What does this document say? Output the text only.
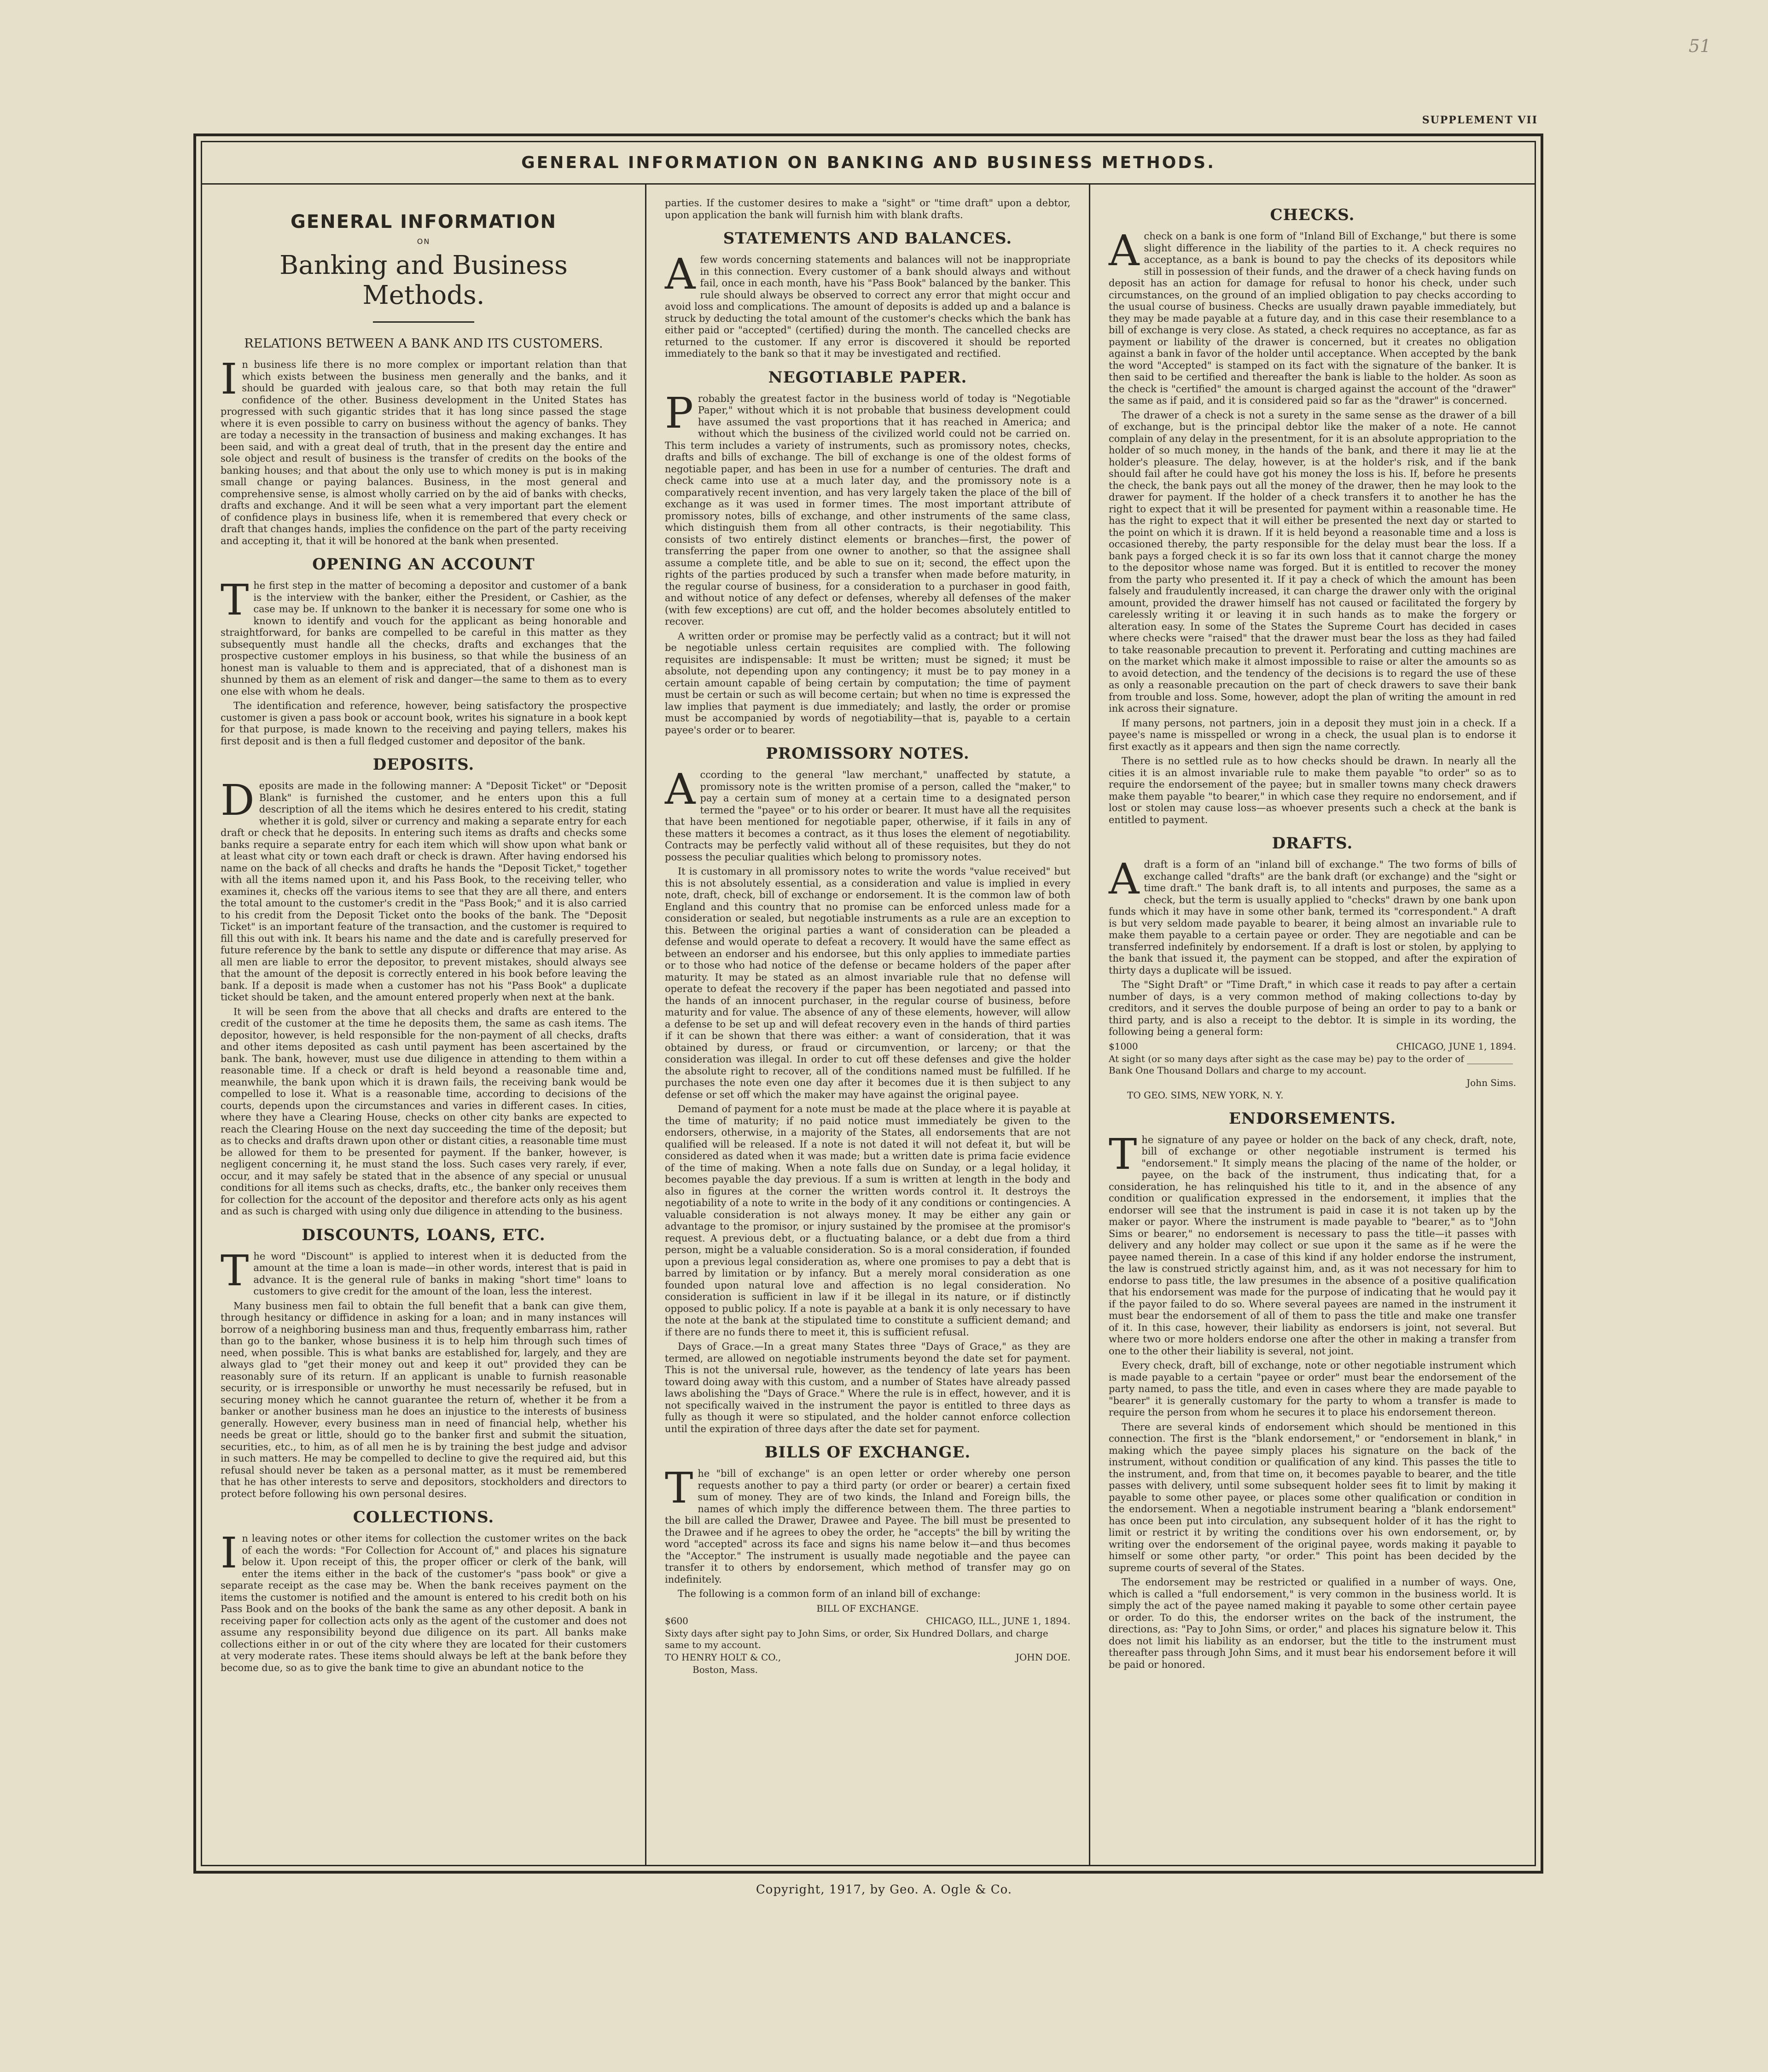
51
SUPPLEMENT VII
GENERAL INFORMATION ON BANKING AND BUSINESS METHODS.
GENERAL INFORMATION
ON
Banking and Business Methods.
RELATIONS BETWEEN A BANK AND ITS CUSTOMERS.

In business life there is no more complex or important relation than that which exists between the business men generally and the banks, and it should be guarded with jealous care, so that both may retain the full confidence of the other. Business development in the United States has progressed with such gigantic strides that it has long since passed the stage where it is even possible to carry on business without the agency of banks. They are today a necessity in the transaction of business and making exchanges. It has been said, and with a great deal of truth, that in the present day the entire and sole object and result of business is the transfer of credits on the books of the banking houses; and that about the only use to which money is put is in making small change or paying balances. Business, in the most general and comprehensive sense, is almost wholly carried on by the aid of banks with checks, drafts and exchange. And it will be seen what a very important part the element of confidence plays in business life, when it is remembered that every check or draft that changes hands, implies the confidence on the part of the party receiving and accepting it, that it will be honored at the bank when presented.

OPENING AN ACCOUNT

The first step in the matter of becoming a depositor and customer of a bank is the interview with the banker, either the President, or Cashier, as the case may be. If unknown to the banker it is necessary for some one who is known to identify and vouch for the applicant as being honorable and straightforward, for banks are compelled to be careful in this matter as they subsequently must handle all the checks, drafts and exchanges that the prospective customer employs in his business, so that while the business of an honest man is valuable to them and is appreciated, that of a dishonest man is shunned by them as an element of risk and danger—the same to them as to every one else with whom he deals.

The identification and reference, however, being satisfactory the prospective customer is given a pass book or account book, writes his signature in a book kept for that purpose, is made known to the receiving and paying tellers, makes his first deposit and is then a full fledged customer and depositor of the bank.

DEPOSITS.

Deposits are made in the following manner: A "Deposit Ticket" or "Deposit Blank" is furnished the customer, and he enters upon this a full description of all the items which he desires entered to his credit, stating whether it is gold, silver or currency and making a separate entry for each draft or check that he deposits. In entering such items as drafts and checks some banks require a separate entry for each item which will show upon what bank or at least what city or town each draft or check is drawn. After having endorsed his name on the back of all checks and drafts he hands the "Deposit Ticket," together with all the items named upon it, and his Pass Book, to the receiving teller, who examines it, checks off the various items to see that they are all there, and enters the total amount to the customer's credit in the "Pass Book;" and it is also carried to his credit from the Deposit Ticket onto the books of the bank. The "Deposit Ticket" is an important feature of the transaction, and the customer is required to fill this out with ink. It bears his name and the date and is carefully preserved for future reference by the bank to settle any dispute or difference that may arise. As all men are liable to error the depositor, to prevent mistakes, should always see that the amount of the deposit is correctly entered in his book before leaving the bank. If a deposit is made when a customer has not his "Pass Book" a duplicate ticket should be taken, and the amount entered properly when next at the bank.

It will be seen from the above that all checks and drafts are entered to the credit of the customer at the time he deposits them, the same as cash items. The depositor, however, is held responsible for the non-payment of all checks, drafts and other items deposited as cash until payment has been ascertained by the bank. The bank, however, must use due diligence in attending to them within a reasonable time. If a check or draft is held beyond a reasonable time and, meanwhile, the bank upon which it is drawn fails, the receiving bank would be compelled to lose it. What is a reasonable time, according to decisions of the courts, depends upon the circumstances and varies in different cases. In cities, where they have a Clearing House, checks on other city banks are expected to reach the Clearing House on the next day succeeding the time of the deposit; but as to checks and drafts drawn upon other or distant cities, a reasonable time must be allowed for them to be presented for payment. If the banker, however, is negligent concerning it, he must stand the loss. Such cases very rarely, if ever, occur, and it may safely be stated that in the absence of any special or unusual conditions for all items such as checks, drafts, etc., the banker only receives them for collection for the account of the depositor and therefore acts only as his agent and as such is charged with using only due diligence in attending to the business.

DISCOUNTS, LOANS, ETC.

The word "Discount" is applied to interest when it is deducted from the amount at the time a loan is made—in other words, interest that is paid in advance. It is the general rule of banks in making "short time" loans to customers to give credit for the amount of the loan, less the interest.

Many business men fail to obtain the full benefit that a bank can give them, through hesitancy or diffidence in asking for a loan; and in many instances will borrow of a neighboring business man and thus, frequently embarrass him, rather than go to the banker, whose business it is to help him through such times of need, when possible. This is what banks are established for, largely, and they are always glad to "get their money out and keep it out" provided they can be reasonably sure of its return. If an applicant is unable to furnish reasonable security, or is irresponsible or unworthy he must necessarily be refused, but in securing money which he cannot guarantee the return of, whether it be from a banker or another business man he does an injustice to the interests of business generally. However, every business man in need of financial help, whether his needs be great or little, should go to the banker first and submit the situation, securities, etc., to him, as of all men he is by training the best judge and advisor in such matters. He may be compelled to decline to give the required aid, but this refusal should never be taken as a personal matter, as it must be remembered that he has other interests to serve and depositors, stockholders and directors to protect before following his own personal desires.

COLLECTIONS.

In leaving notes or other items for collection the customer writes on the back of each the words: "For Collection for Account of," and places his signature below it. Upon receipt of this, the proper officer or clerk of the bank, will enter the items either in the back of the customer's "pass book" or give a separate receipt as the case may be. When the bank receives payment on the items the customer is notified and the amount is entered to his credit both on his Pass Book and on the books of the bank the same as any other deposit. A bank in receiving paper for collection acts only as the agent of the customer and does not assume any responsibility beyond due diligence on its part. All banks make collections either in or out of the city where they are located for their customers at very moderate rates. These items should always be left at the bank before they become due, so as to give the bank time to give an abundant notice to the

parties. If the customer desires to make a "sight" or "time draft" upon a debtor, upon application the bank will furnish him with blank drafts.

STATEMENTS AND BALANCES.

Afew words concerning statements and balances will not be inappropriate in this connection. Every customer of a bank should always and without fail, once in each month, have his "Pass Book" balanced by the banker. This rule should always be observed to correct any error that might occur and avoid loss and complications. The amount of deposits is added up and a balance is struck by deducting the total amount of the customer's checks which the bank has either paid or "accepted" (certified) during the month. The cancelled checks are returned to the customer. If any error is discovered it should be reported immediately to the bank so that it may be investigated and rectified.

NEGOTIABLE PAPER.

Probably the greatest factor in the business world of today is "Negotiable Paper," without which it is not probable that business development could have assumed the vast proportions that it has reached in America; and without which the business of the civilized world could not be carried on. This term includes a variety of instruments, such as promissory notes, checks, drafts and bills of exchange. The bill of exchange is one of the oldest forms of negotiable paper, and has been in use for a number of centuries. The draft and check came into use at a much later day, and the promissory note is a comparatively recent invention, and has very largely taken the place of the bill of exchange as it was used in former times. The most important attribute of promissory notes, bills of exchange, and other instruments of the same class, which distinguish them from all other contracts, is their negotiability. This consists of two entirely distinct elements or branches—first, the power of transferring the paper from one owner to another, so that the assignee shall assume a complete title, and be able to sue on it; second, the effect upon the rights of the parties produced by such a transfer when made before maturity, in the regular course of business, for a consideration to a purchaser in good faith, and without notice of any defect or defenses, whereby all defenses of the maker (with few exceptions) are cut off, and the holder becomes absolutely entitled to recover.

A written order or promise may be perfectly valid as a contract; but it will not be negotiable unless certain requisites are complied with. The following requisites are indispensable: It must be written; must be signed; it must be absolute, not depending upon any contingency; it must be to pay money in a certain amount capable of being certain by computation; the time of payment must be certain or such as will become certain; but when no time is expressed the law implies that payment is due immediately; and lastly, the order or promise must be accompanied by words of negotiability—that is, payable to a certain payee's order or to bearer.

PROMISSORY NOTES.

According to the general "law merchant," unaffected by statute, a promissory note is the written promise of a person, called the "maker," to pay a certain sum of money at a certain time to a designated person termed the "payee" or to his order or bearer. It must have all the requisites that have been mentioned for negotiable paper, otherwise, if it fails in any of these matters it becomes a contract, as it thus loses the element of negotiability. Contracts may be perfectly valid without all of these requisites, but they do not possess the peculiar qualities which belong to promissory notes.

It is customary in all promissory notes to write the words "value received" but this is not absolutely essential, as a consideration and value is implied in every note, draft, check, bill of exchange or endorsement. It is the common law of both England and this country that no promise can be enforced unless made for a consideration or sealed, but negotiable instruments as a rule are an exception to this. Between the original parties a want of consideration can be pleaded a defense and would operate to defeat a recovery. It would have the same effect as between an endorser and his endorsee, but this only applies to immediate parties or to those who had notice of the defense or became holders of the paper after maturity. It may be stated as an almost invariable rule that no defense will operate to defeat the recovery if the paper has been negotiated and passed into the hands of an innocent purchaser, in the regular course of business, before maturity and for value. The absence of any of these elements, however, will allow a defense to be set up and will defeat recovery even in the hands of third parties if it can be shown that there was either: a want of consideration, that it was obtained by duress, or fraud or circumvention, or larceny; or that the consideration was illegal. In order to cut off these defenses and give the holder the absolute right to recover, all of the conditions named must be fulfilled. If he purchases the note even one day after it becomes due it is then subject to any defense or set off which the maker may have against the original payee.

Demand of payment for a note must be made at the place where it is payable at the time of maturity; if no paid notice must immediately be given to the endorsers, otherwise, in a majority of the States, all endorsements that are not qualified will be released. If a note is not dated it will not defeat it, but will be considered as dated when it was made; but a written date is prima facie evidence of the time of making. When a note falls due on Sunday, or a legal holiday, it becomes payable the day previous. If a sum is written at length in the body and also in figures at the corner the written words control it. It destroys the negotiability of a note to write in the body of it any conditions or contingencies. A valuable consideration is not always money. It may be either any gain or advantage to the promisor, or injury sustained by the promisee at the promisor's request. A previous debt, or a fluctuating balance, or a debt due from a third person, might be a valuable consideration. So is a moral consideration, if founded upon a previous legal consideration as, where one promises to pay a debt that is barred by limitation or by infancy. But a merely moral consideration as one founded upon natural love and affection is no legal consideration. No consideration is sufficient in law if it be illegal in its nature, or if distinctly opposed to public policy. If a note is payable at a bank it is only necessary to have the note at the bank at the stipulated time to constitute a sufficient demand; and if there are no funds there to meet it, this is sufficient refusal.

Days of Grace.—In a great many States three "Days of Grace," as they are termed, are allowed on negotiable instruments beyond the date set for payment. This is not the universal rule, however, as the tendency of late years has been toward doing away with this custom, and a number of States have already passed laws abolishing the "Days of Grace." Where the rule is in effect, however, and it is not specifically waived in the instrument the payor is entitled to three days as fully as though it were so stipulated, and the holder cannot enforce collection until the expiration of three days after the date set for payment.

BILLS OF EXCHANGE.

The "bill of exchange" is an open letter or order whereby one person requests another to pay a third party (or order or bearer) a certain fixed sum of money. They are of two kinds, the Inland and Foreign bills, the names of which imply the difference between them. The three parties to the bill are called the Drawer, Drawee and Payee. The bill must be presented to the Drawee and if he agrees to obey the order, he "accepts" the bill by writing the word "accepted" across its face and signs his name below it—and thus becomes the "Acceptor." The instrument is usually made negotiable and the payee can transfer it to others by endorsement, which method of transfer may go on indefinitely.

The following is a common form of an inland bill of exchange:

BILL OF EXCHANGE.
$600	CHICAGO, ILL., JUNE 1, 1894.
Sixty days after sight pay to John Sims, or order, Six Hundred Dollars, and charge same to my account.
TO HENRY HOLT & CO.,	JOHN DOE.
Boston, Mass.
CHECKS.

Acheck on a bank is one form of "Inland Bill of Exchange," but there is some slight difference in the liability of the parties to it. A check requires no acceptance, as a bank is bound to pay the checks of its depositors while still in possession of their funds, and the drawer of a check having funds on deposit has an action for damage for refusal to honor his check, under such circumstances, on the ground of an implied obligation to pay checks according to the usual course of business. Checks are usually drawn payable immediately, but they may be made payable at a future day, and in this case their resemblance to a bill of exchange is very close. As stated, a check requires no acceptance, as far as payment or liability of the drawer is concerned, but it creates no obligation against a bank in favor of the holder until acceptance. When accepted by the bank the word "Accepted" is stamped on its fact with the signature of the banker. It is then said to be certified and thereafter the bank is liable to the holder. As soon as the check is "certified" the amount is charged against the account of the "drawer" the same as if paid, and it is considered paid so far as the "drawer" is concerned.

The drawer of a check is not a surety in the same sense as the drawer of a bill of exchange, but is the principal debtor like the maker of a note. He cannot complain of any delay in the presentment, for it is an absolute appropriation to the holder of so much money, in the hands of the bank, and there it may lie at the holder's pleasure. The delay, however, is at the holder's risk, and if the bank should fail after he could have got his money the loss is his. If, before he presents the check, the bank pays out all the money of the drawer, then he may look to the drawer for payment. If the holder of a check transfers it to another he has the right to expect that it will be presented for payment within a reasonable time. He has the right to expect that it will either be presented the next day or started to the point on which it is drawn. If it is held beyond a reasonable time and a loss is occasioned thereby, the party responsible for the delay must bear the loss. If a bank pays a forged check it is so far its own loss that it cannot charge the money to the depositor whose name was forged. But it is entitled to recover the money from the party who presented it. If it pay a check of which the amount has been falsely and fraudulently increased, it can charge the drawer only with the original amount, provided the drawer himself has not caused or facilitated the forgery by carelessly writing it or leaving it in such hands as to make the forgery or alteration easy. In some of the States the Supreme Court has decided in cases where checks were "raised" that the drawer must bear the loss as they had failed to take reasonable precaution to prevent it. Perforating and cutting machines are on the market which make it almost impossible to raise or alter the amounts so as to avoid detection, and the tendency of the decisions is to regard the use of these as only a reasonable precaution on the part of check drawers to save their bank from trouble and loss. Some, however, adopt the plan of writing the amount in red ink across their signature.

If many persons, not partners, join in a deposit they must join in a check. If a payee's name is misspelled or wrong in a check, the usual plan is to endorse it first exactly as it appears and then sign the name correctly.

There is no settled rule as to how checks should be drawn. In nearly all the cities it is an almost invariable rule to make them payable "to order" so as to require the endorsement of the payee; but in smaller towns many check drawers make them payable "to bearer," in which case they require no endorsement, and if lost or stolen may cause loss—as whoever presents such a check at the bank is entitled to payment.

DRAFTS.

Adraft is a form of an "inland bill of exchange." The two forms of bills of exchange called "drafts" are the bank draft (or exchange) and the "sight or time draft." The bank draft is, to all intents and purposes, the same as a check, but the term is usually applied to "checks" drawn by one bank upon funds which it may have in some other bank, termed its "correspondent." A draft is but very seldom made payable to bearer, it being almost an invariable rule to make them payable to a certain payee or order. They are negotiable and can be transferred indefinitely by endorsement. If a draft is lost or stolen, by applying to the bank that issued it, the payment can be stopped, and after the expiration of thirty days a duplicate will be issued.

The "Sight Draft" or "Time Draft," in which case it reads to pay after a certain number of days, is a very common method of making collections to-day by creditors, and it serves the double purpose of being an order to pay to a bank or third party, and is also a receipt to the debtor. It is simple in its wording, the following being a general form:

$1000	CHICAGO, JUNE 1, 1894.
At sight (or so many days after sight as the case may be) pay to the order of __________ Bank One Thousand Dollars and charge to my account.
John Sims.
TO GEO. SIMS, NEW YORK, N. Y.
ENDORSEMENTS.

The signature of any payee or holder on the back of any check, draft, note, bill of exchange or other negotiable instrument is termed his "endorsement." It simply means the placing of the name of the holder, or payee, on the back of the instrument, thus indicating that, for a consideration, he has relinquished his title to it, and in the absence of any condition or qualification expressed in the endorsement, it implies that the endorser will see that the instrument is paid in case it is not taken up by the maker or payor. Where the instrument is made payable to "bearer," as to "John Sims or bearer," no endorsement is necessary to pass the title—it passes with delivery and any holder may collect or sue upon it the same as if he were the payee named therein. In a case of this kind if any holder endorse the instrument, the law is construed strictly against him, and, as it was not necessary for him to endorse to pass title, the law presumes in the absence of a positive qualification that his endorsement was made for the purpose of indicating that he would pay it if the payor failed to do so. Where several payees are named in the instrument it must bear the endorsement of all of them to pass the title and make one transfer of it. In this case, however, their liability as endorsers is joint, not several. But where two or more holders endorse one after the other in making a transfer from one to the other their liability is several, not joint.

Every check, draft, bill of exchange, note or other negotiable instrument which is made payable to a certain "payee or order" must bear the endorsement of the party named, to pass the title, and even in cases where they are made payable to "bearer" it is generally customary for the party to whom a transfer is made to require the person from whom he secures it to place his endorsement thereon.

There are several kinds of endorsement which should be mentioned in this connection. The first is the "blank endorsement," or "endorsement in blank," in making which the payee simply places his signature on the back of the instrument, without condition or qualification of any kind. This passes the title to the instrument, and, from that time on, it becomes payable to bearer, and the title passes with delivery, until some subsequent holder sees fit to limit by making it payable to some other payee, or places some other qualification or condition in the endorsement. When a negotiable instrument bearing a "blank endorsement" has once been put into circulation, any subsequent holder of it has the right to limit or restrict it by writing the conditions over his own endorsement, or, by writing over the endorsement of the original payee, words making it payable to himself or some other party, "or order." This point has been decided by the supreme courts of several of the States.

The endorsement may be restricted or qualified in a number of ways. One, which is called a "full endorsement," is very common in the business world. It is simply the act of the payee named making it payable to some other certain payee or order. To do this, the endorser writes on the back of the instrument, the directions, as: "Pay to John Sims, or order," and places his signature below it. This does not limit his liability as an endorser, but the title to the instrument must thereafter pass through John Sims, and it must bear his endorsement before it will be paid or honored.

Copyright, 1917, by Geo. A. Ogle & Co.
